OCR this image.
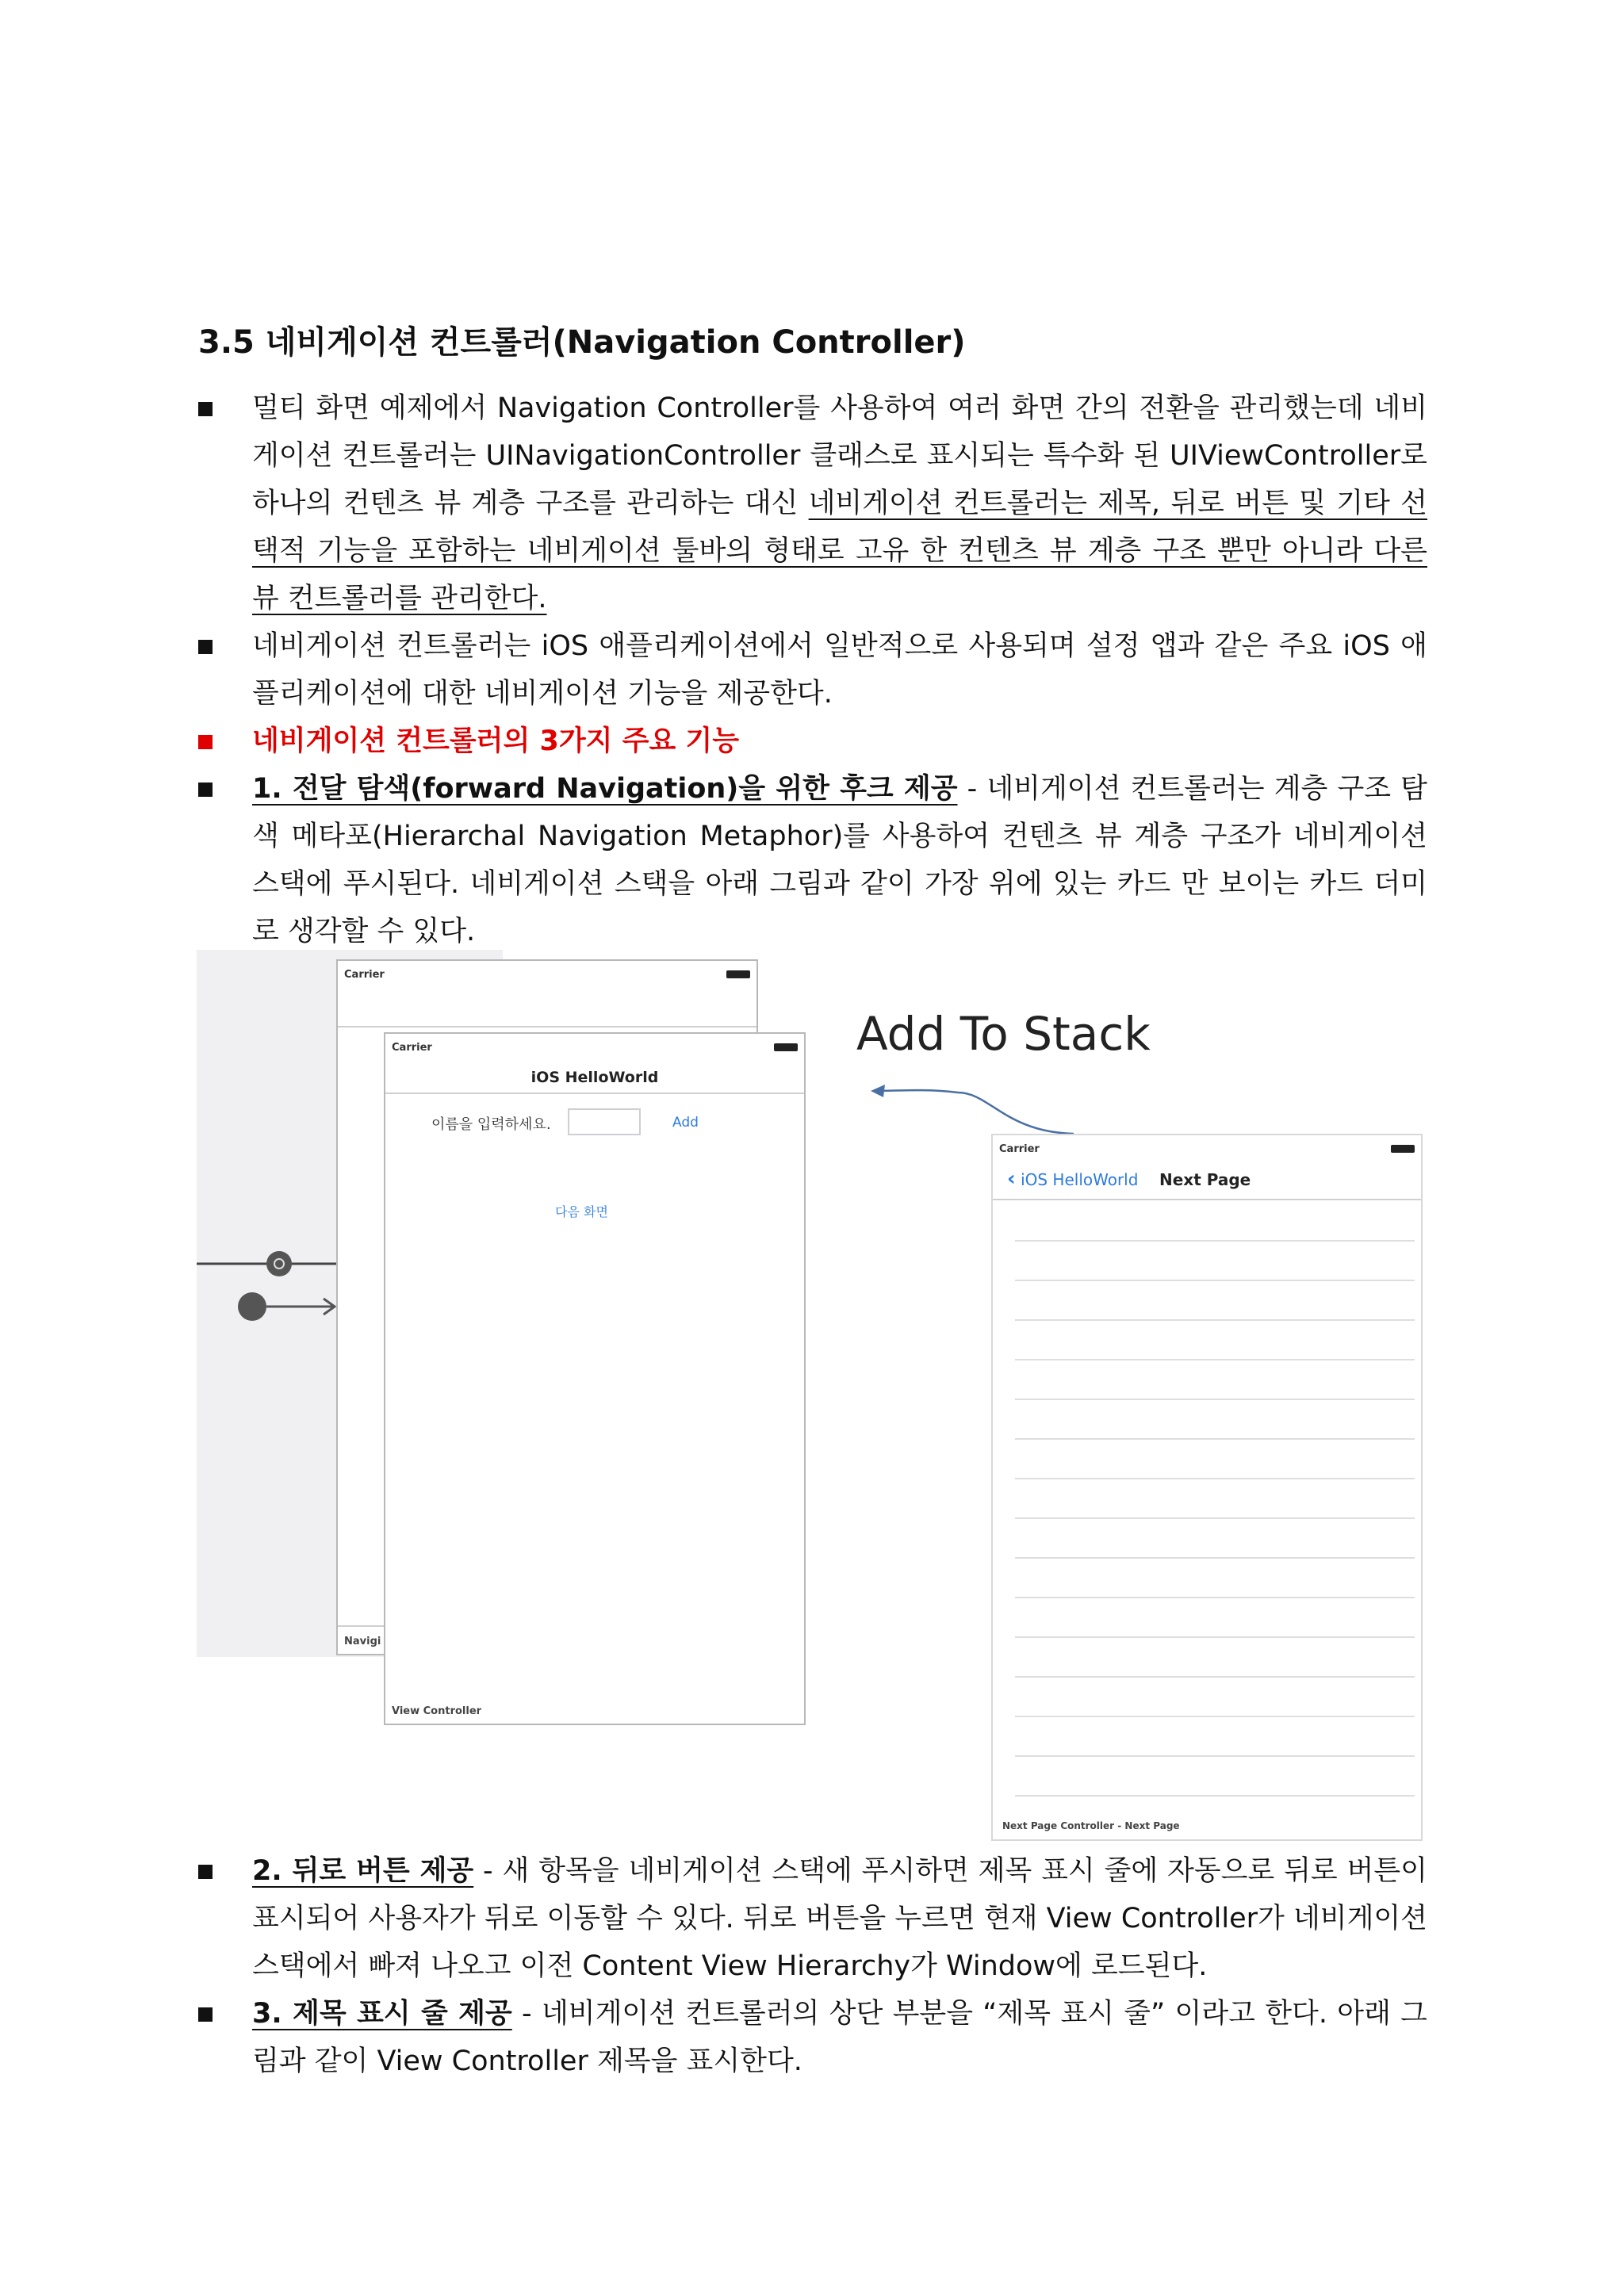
3.5 네비게이션 컨트롤러(Navigation Controller)
멀티 화면 예제에서 Navigation Controller를 사용하여 여러 화면 간의 전환을 관리했는데 네비게이션 컨트롤러는 UINavigationController 클래스로 표시되는 특수화 된 UIViewController로 하나의 컨텐츠 뷰 계층 구조를 관리하는 대신 네비게이션 컨트롤러는 제목, 뒤로 버튼 및 기타 선택적 기능을 포함하는 네비게이션 툴바의 형태로 고유 한 컨텐츠 뷰 계층 구조 뿐만 아니라 다른 뷰 컨트롤러를 관리한다.
네비게이션 컨트롤러는 iOS 애플리케이션에서 일반적으로 사용되며 설정 앱과 같은 주요 iOS 애플리케이션에 대한 네비게이션 기능을 제공한다.
네비게이션 컨트롤러의 3가지 주요 기능
1. 전달 탐색(forward Navigation)을 위한 후크 제공 - 네비게이션 컨트롤러는 계층 구조 탐색 메타포(Hierarchal Navigation Metaphor)를 사용하여 컨텐츠 뷰 계층 구조가 네비게이션 스택에 푸시된다. 네비게이션 스택을 아래 그림과 같이 가장 위에 있는 카드 만 보이는 카드 더미로 생각할 수 있다.
Carrier
Navigi
Carrier
iOS HelloWorld
이름을 입력하세요.	Add
다음 화면
View Controller
Add To Stack
Carrier
‹ iOS HelloWorld Next Page
Next Page Controller - Next Page
2. 뒤로 버튼 제공 - 새 항목을 네비게이션 스택에 푸시하면 제목 표시 줄에 자동으로 뒤로 버튼이 표시되어 사용자가 뒤로 이동할 수 있다. 뒤로 버튼을 누르면 현재 View Controller가 네비게이션 스택에서 빠져 나오고 이전 Content View Hierarchy가 Window에 로드된다.
3. 제목 표시 줄 제공 - 네비게이션 컨트롤러의 상단 부분을 “제목 표시 줄” 이라고 한다. 아래 그림과 같이 View Controller 제목을 표시한다.
